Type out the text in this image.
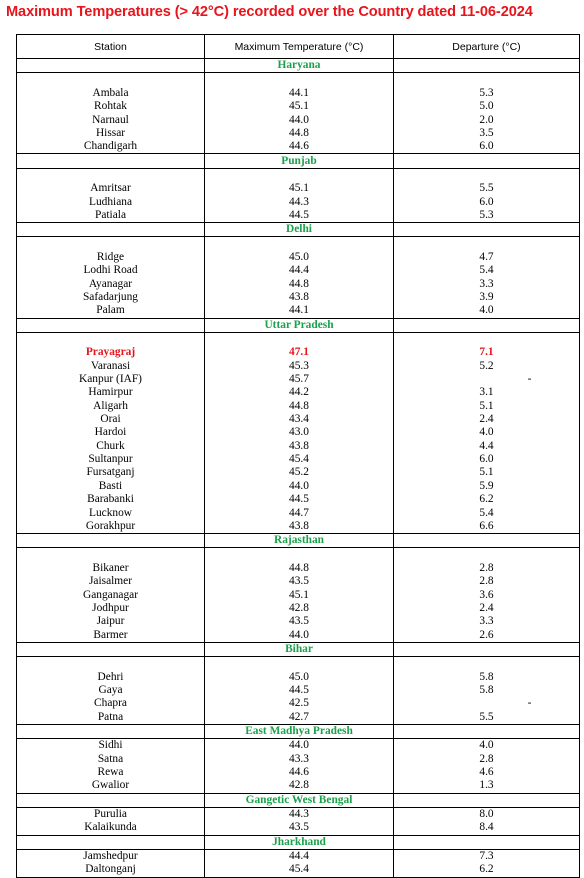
Maximum Temperatures (> 42°C) recorded over the Country dated 11-06-2024
Station	Maximum Temperature (°C)	Departure (°C)
	Haryana	

Ambala	44.1	5.3
Rohtak	45.1	5.0
Narnaul	44.0	2.0
Hissar	44.8	3.5
Chandigarh	44.6	6.0
	Punjab	

Amritsar	45.1	5.5
Ludhiana	44.3	6.0
Patiala	44.5	5.3
	Delhi	

Ridge	45.0	4.7
Lodhi Road	44.4	5.4
Ayanagar	44.8	3.3
Safadarjung	43.8	3.9
Palam	44.1	4.0
	Uttar Pradesh	

Prayagraj	47.1	7.1
Varanasi	45.3	5.2
Kanpur (IAF)	45.7	-
Hamirpur	44.2	3.1
Aligarh	44.8	5.1
Orai	43.4	2.4
Hardoi	43.0	4.0
Churk	43.8	4.4
Sultanpur	45.4	6.0
Fursatganj	45.2	5.1
Basti	44.0	5.9
Barabanki	44.5	6.2
Lucknow	44.7	5.4
Gorakhpur	43.8	6.6
	Rajasthan	

Bikaner	44.8	2.8
Jaisalmer	43.5	2.8
Ganganagar	45.1	3.6
Jodhpur	42.8	2.4
Jaipur	43.5	3.3
Barmer	44.0	2.6
	Bihar	

Dehri	45.0	5.8
Gaya	44.5	5.8
Chapra	42.5	-
Patna	42.7	5.5
	East Madhya Pradesh	
Sidhi	44.0	4.0
Satna	43.3	2.8
Rewa	44.6	4.6
Gwalior	42.8	1.3
	Gangetic West Bengal	
Purulia	44.3	8.0
Kalaikunda	43.5	8.4
	Jharkhand	
Jamshedpur	44.4	7.3
Daltonganj	45.4	6.2
